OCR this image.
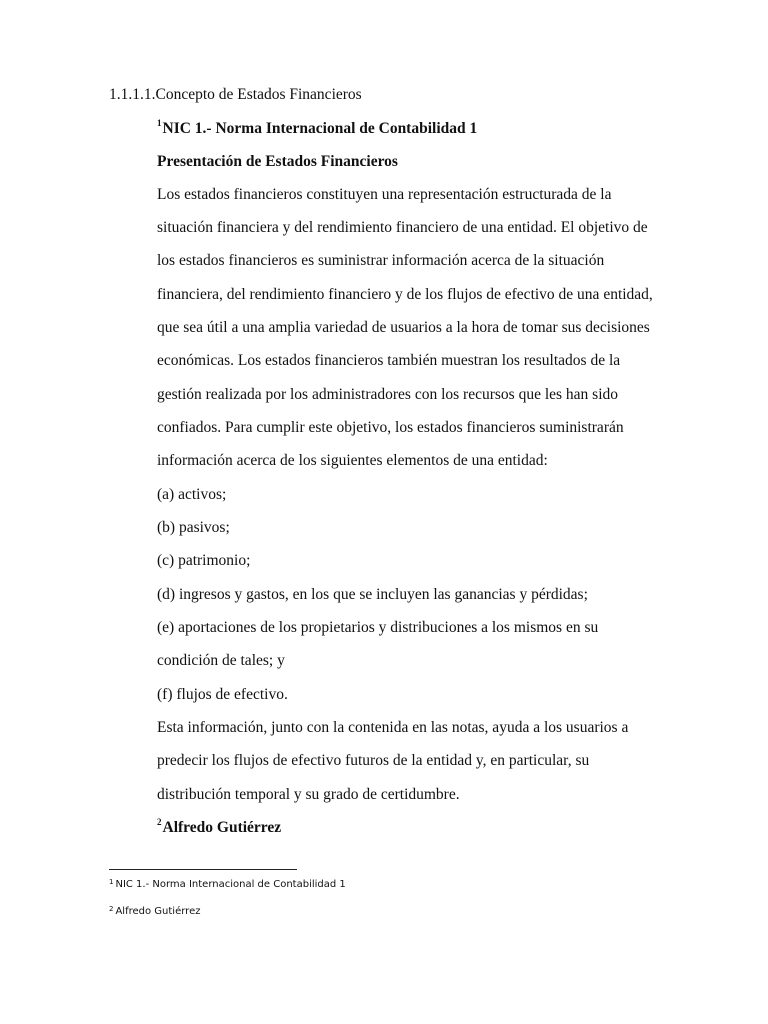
1.1.1.1.Concepto de Estados Financieros
$^1$NIC 1.- Norma Internacional de Contabilidad 1
Presentación de Estados Financieros
Los estados financieros constituyen una representación estructurada de la
situación financiera y del rendimiento financiero de una entidad. El objetivo de
los estados financieros es suministrar información acerca de la situación
financiera, del rendimiento financiero y de los flujos de efectivo de una entidad,
que sea útil a una amplia variedad de usuarios a la hora de tomar sus decisiones
económicas. Los estados financieros también muestran los resultados de la
gestión realizada por los administradores con los recursos que les han sido
confiados. Para cumplir este objetivo, los estados financieros suministrarán
información acerca de los siguientes elementos de una entidad:
(a) activos;
(b) pasivos;
(c) patrimonio;
(d) ingresos y gastos, en los que se incluyen las ganancias y pérdidas;
(e) aportaciones de los propietarios y distribuciones a los mismos en su
condición de tales; y
(f) flujos de efectivo.
Esta información, junto con la contenida en las notas, ayuda a los usuarios a
predecir los flujos de efectivo futuros de la entidad y, en particular, su
distribución temporal y su grado de certidumbre.
$^2$Alfredo Gutiérrez
$^1$ NIC 1.- Norma Internacional de Contabilidad 1
$^2$ Alfredo Gutiérrez
